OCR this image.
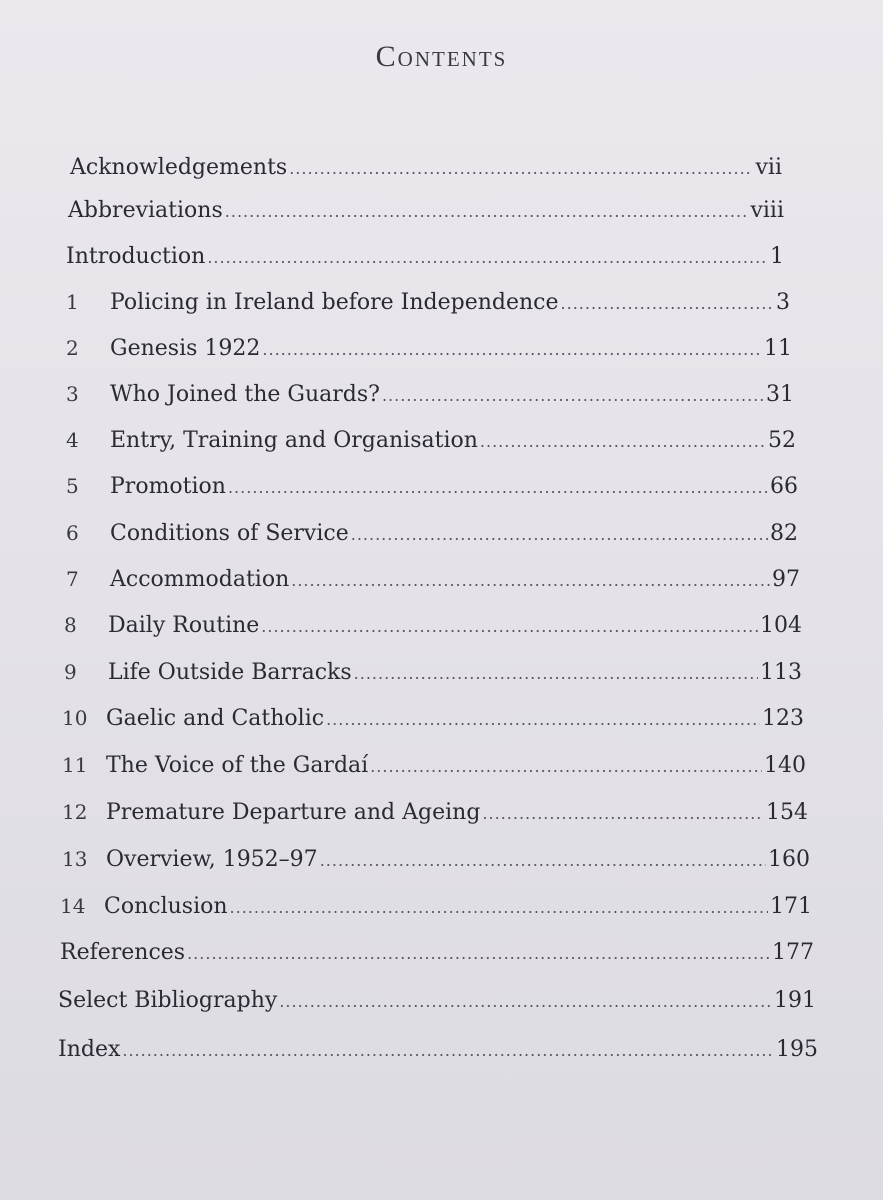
Contents
Acknowledgements .....	vii
Abbreviations .....	viii
Introduction .....	1
1	Policing in Ireland before Independence .....	3
2	Genesis 1922 .....	11
3	Who Joined the Guards? .....	31
4	Entry, Training and Organisation .....	52
5	Promotion .....	66
6	Conditions of Service .....	82
7	Accommodation .....	97
8	Daily Routine .....	104
9	Life Outside Barracks .....	113
10 Gaelic and Catholic .....	123
11 The Voice of the Gardaí .....	140
12 Premature Departure and Ageing .....	154
13 Overview, 1952–97 .....	160
14 Conclusion .....	171
References .....	177
Select Bibliography .....	191
Index .....	195
